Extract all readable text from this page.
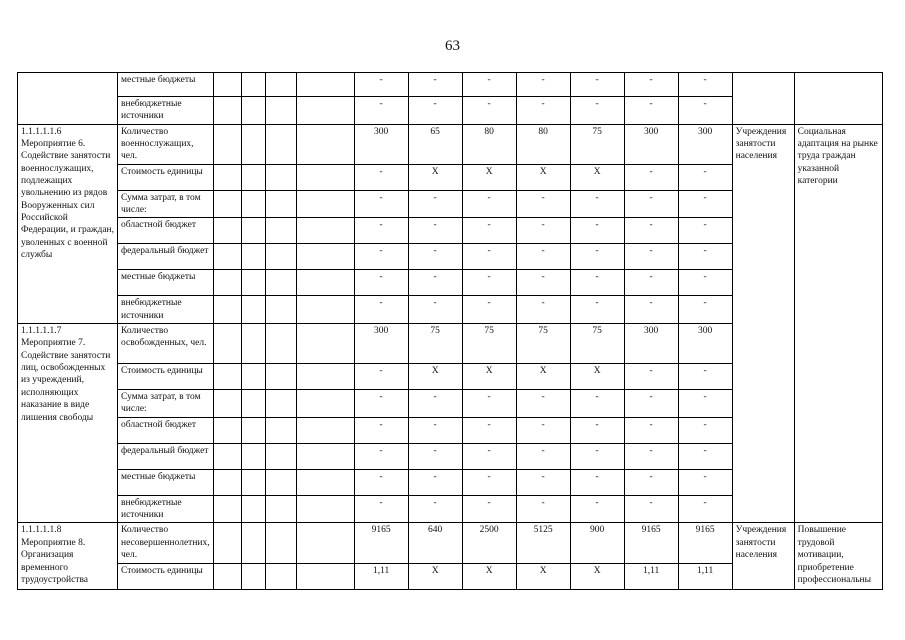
63
	местные бюджеты					-	-	-	-	-	-	-		
	внебюджетные источники					-	-	-	-	-	-	-		
1.1.1.1.1.6 Мероприятие 6. Содействие занятости военнослужащих, подлежащих увольнению из рядов Вооруженных сил Российской Федерации, и граждан, уволенных с военной службы	Количество военнослужащих, чел.					300	65	80	80	75	300	300	Учреждения занятости населения	Социальная адаптация на рынке труда граждан указанной категории
	Стоимость единицы					-	Х	Х	Х	Х	-	-		
	Сумма затрат, в том числе:					-	-	-	-	-	-	-		
	областной бюджет					-	-	-	-	-	-	-		
	федеральный бюджет					-	-	-	-	-	-	-		
	местные бюджеты					-	-	-	-	-	-	-		
	внебюджетные источники					-	-	-	-	-	-	-		
1.1.1.1.1.7 Мероприятие 7. Содействие занятости лиц, освобожденных из учреждений, исполняющих наказание в виде лишения свободы	Количество освобожденных, чел.					300	75	75	75	75	300	300		
	Стоимость единицы					-	Х	Х	Х	Х	-	-		
	Сумма затрат, в том числе:					-	-	-	-	-	-	-		
	областной бюджет					-	-	-	-	-	-	-		
	федеральный бюджет					-	-	-	-	-	-	-		
	местные бюджеты					-	-	-	-	-	-	-		
	внебюджетные источники					-	-	-	-	-	-	-		
1.1.1.1.1.8 Мероприятие 8. Организация временного трудоустройства	Количество несовершеннолетних, чел.					9165	640	2500	5125	900	9165	9165	Учреждения занятости населения	Повышение трудовой мотивации, приобретение профессиональны
	Стоимость единицы					1,11	Х	Х	Х	Х	1,11	1,11		
